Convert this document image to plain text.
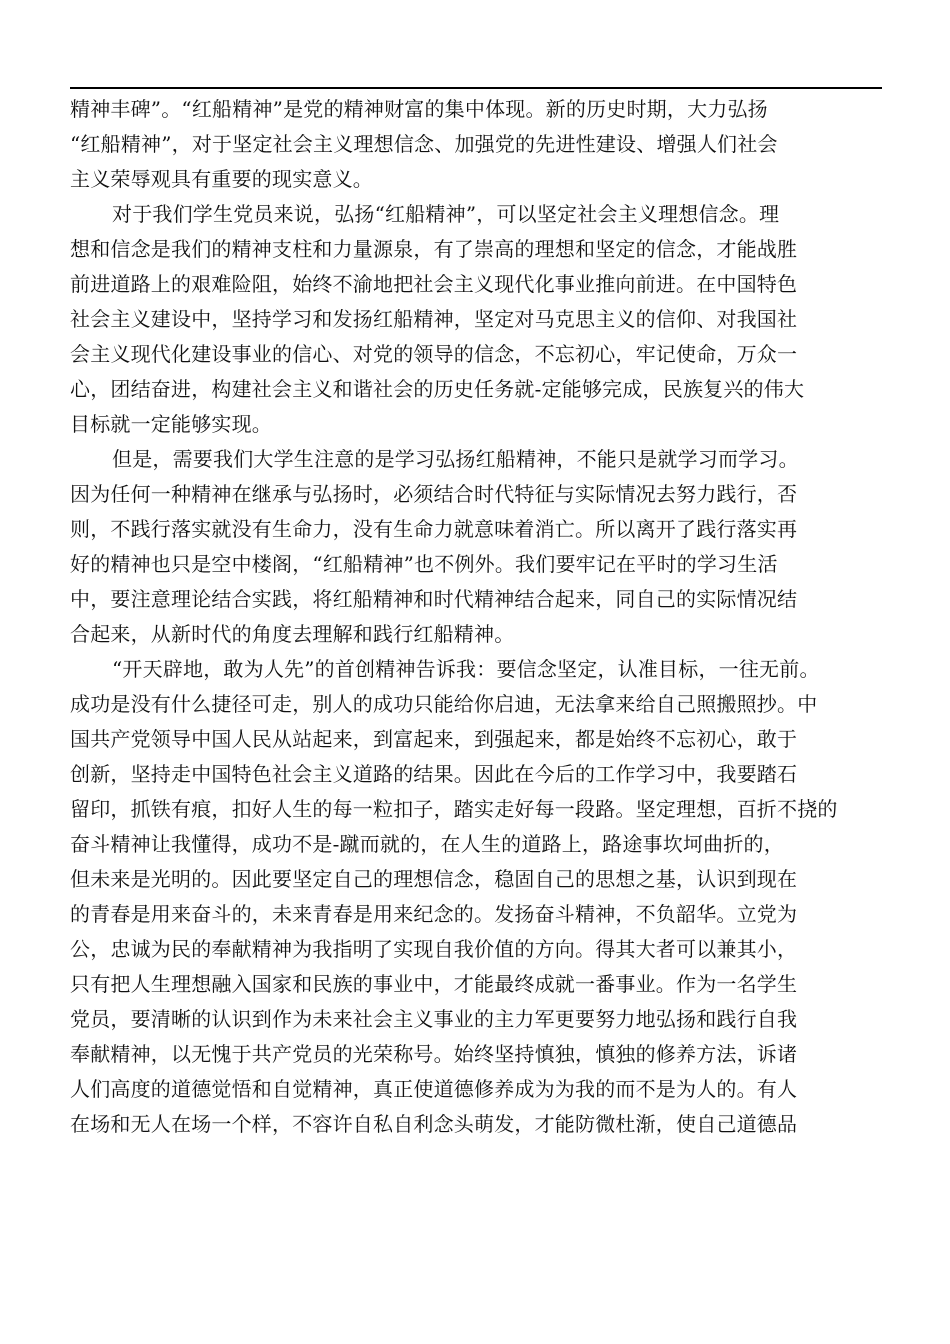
精神丰碑”。“红船精神”是党的精神财富的集中体现。新的历史时期，大力弘扬
“红船精神”，对于坚定社会主义理想信念、加强党的先进性建设、增强人们社会
主义荣辱观具有重要的现实意义。
对于我们学生党员来说，弘扬“红船精神”，可以坚定社会主义理想信念。理
想和信念是我们的精神支柱和力量源泉，有了崇高的理想和坚定的信念，才能战胜
前进道路上的艰难险阻，始终不渝地把社会主义现代化事业推向前进。在中国特色
社会主义建设中，坚持学习和发扬红船精神，坚定对马克思主义的信仰、对我国社
会主义现代化建设事业的信心、对党的领导的信念，不忘初心，牢记使命，万众一
心，团结奋进，构建社会主义和谐社会的历史任务就-定能够完成，民族复兴的伟大
目标就一定能够实现。
但是，需要我们大学生注意的是学习弘扬红船精神，不能只是就学习而学习。
因为任何一种精神在继承与弘扬时，必须结合时代特征与实际情况去努力践行，否
则，不践行落实就没有生命力，没有生命力就意味着消亡。所以离开了践行落实再
好的精神也只是空中楼阁，“红船精神”也不例外。我们要牢记在平时的学习生活
中，要注意理论结合实践，将红船精神和时代精神结合起来，同自己的实际情况结
合起来，从新时代的角度去理解和践行红船精神。
“开天辟地，敢为人先”的首创精神告诉我：要信念坚定，认准目标，一往无前。
成功是没有什么捷径可走，别人的成功只能给你启迪，无法拿来给自己照搬照抄。中
国共产党领导中国人民从站起来，到富起来，到强起来，都是始终不忘初心，敢于
创新，坚持走中国特色社会主义道路的结果。因此在今后的工作学习中，我要踏石
留印，抓铁有痕，扣好人生的每一粒扣子，踏实走好每一段路。坚定理想，百折不挠的
奋斗精神让我懂得，成功不是-蹴而就的，在人生的道路上，路途事坎坷曲折的，
但未来是光明的。因此要坚定自己的理想信念，稳固自己的思想之基，认识到现在
的青春是用来奋斗的，未来青春是用来纪念的。发扬奋斗精神，不负韶华。立党为
公，忠诚为民的奉献精神为我指明了实现自我价值的方向。得其大者可以兼其小，
只有把人生理想融入国家和民族的事业中，才能最终成就一番事业。作为一名学生
党员，要清晰的认识到作为未来社会主义事业的主力军更要努力地弘扬和践行自我
奉献精神，以无愧于共产党员的光荣称号。始终坚持慎独，慎独的修养方法，诉诸
人们高度的道德觉悟和自觉精神，真正使道德修养成为为我的而不是为人的。有人
在场和无人在场一个样，不容许自私自利念头萌发，才能防微杜渐，使自己道德品
